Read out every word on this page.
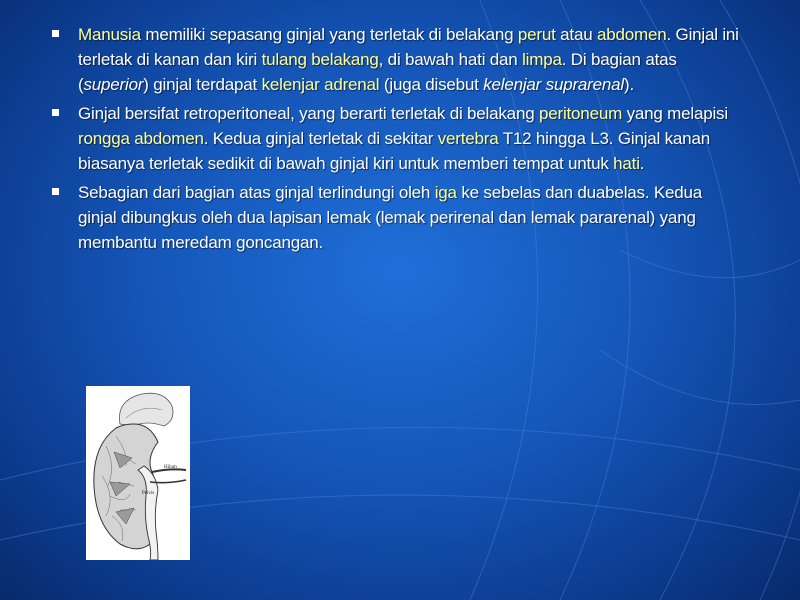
Manusia memiliki sepasang ginjal yang terletak di belakang perut atau abdomen. Ginjal ini terletak di kanan dan kiri tulang belakang, di bawah hati dan limpa. Di bagian atas (superior) ginjal terdapat kelenjar adrenal (juga disebut kelenjar suprarenal).
Ginjal bersifat retroperitoneal, yang berarti terletak di belakang peritoneum yang melapisi rongga abdomen. Kedua ginjal terletak di sekitar vertebra T12 hingga L3. Ginjal kanan biasanya terletak sedikit di bawah ginjal kiri untuk memberi tempat untuk hati.
Sebagian dari bagian atas ginjal terlindungi oleh iga ke sebelas dan duabelas. Kedua ginjal dibungkus oleh dua lapisan lemak (lemak perirenal dan lemak pararenal) yang membantu meredam goncangan.
Hilum
Pelvis
